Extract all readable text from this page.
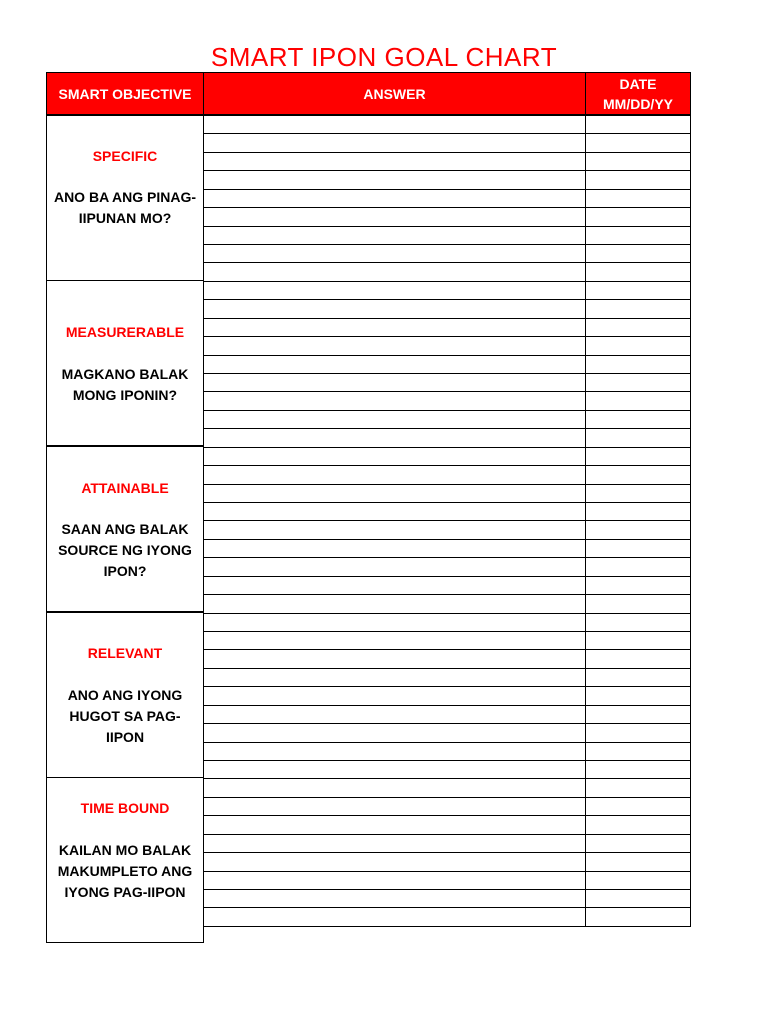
SMART IPON GOAL CHART
SMART OBJECTIVE	ANSWER
DATE
MM/DD/YY
SPECIFIC
ANO BA ANG PINAG-IIPUNAN MO?
MEASURERABLE
MAGKANO BALAK MONG IPONIN?
ATTAINABLE
SAAN ANG BALAK SOURCE NG IYONG IPON?
RELEVANT
ANO ANG IYONG HUGOT SA PAG-IIPON
TIME BOUND
KAILAN MO BALAK MAKUMPLETO ANG IYONG PAG-IIPON
